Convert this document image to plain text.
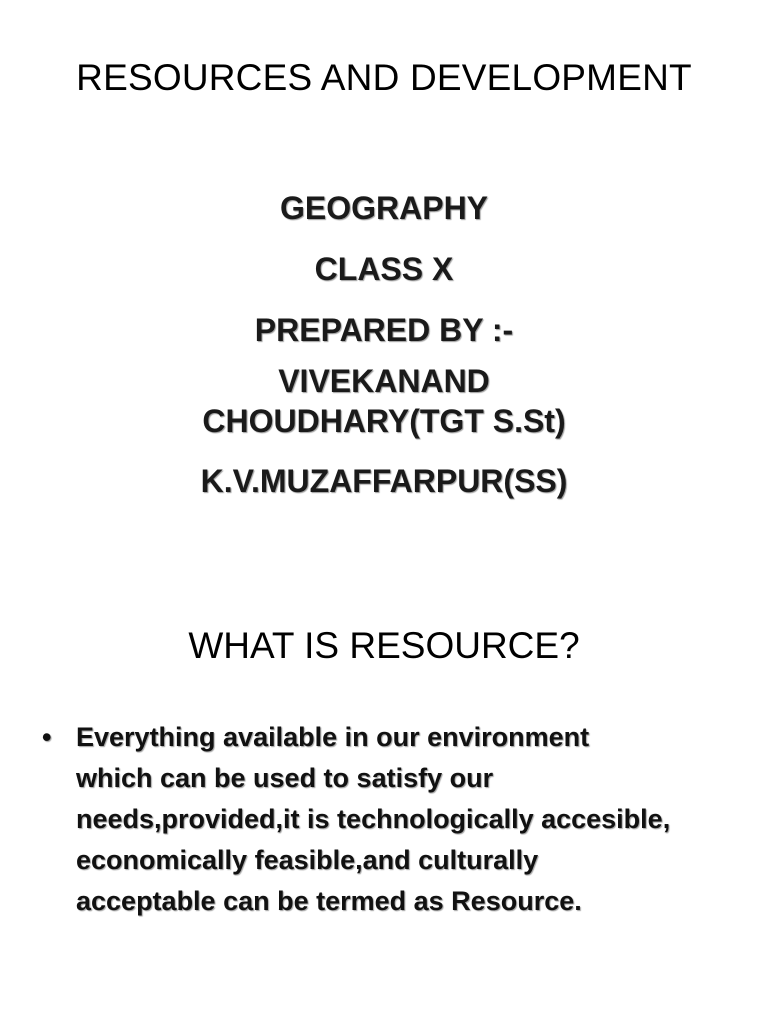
RESOURCES AND DEVELOPMENT
GEOGRAPHY
CLASS X
PREPARED BY :-
VIVEKANAND
CHOUDHARY(TGT S.St)
K.V.MUZAFFARPUR(SS)
WHAT IS RESOURCE?
• Everything available in our environment
which can be used to satisfy our
needs,provided,it is technologically accesible,
economically feasible,and culturally
acceptable can be termed as Resource.
